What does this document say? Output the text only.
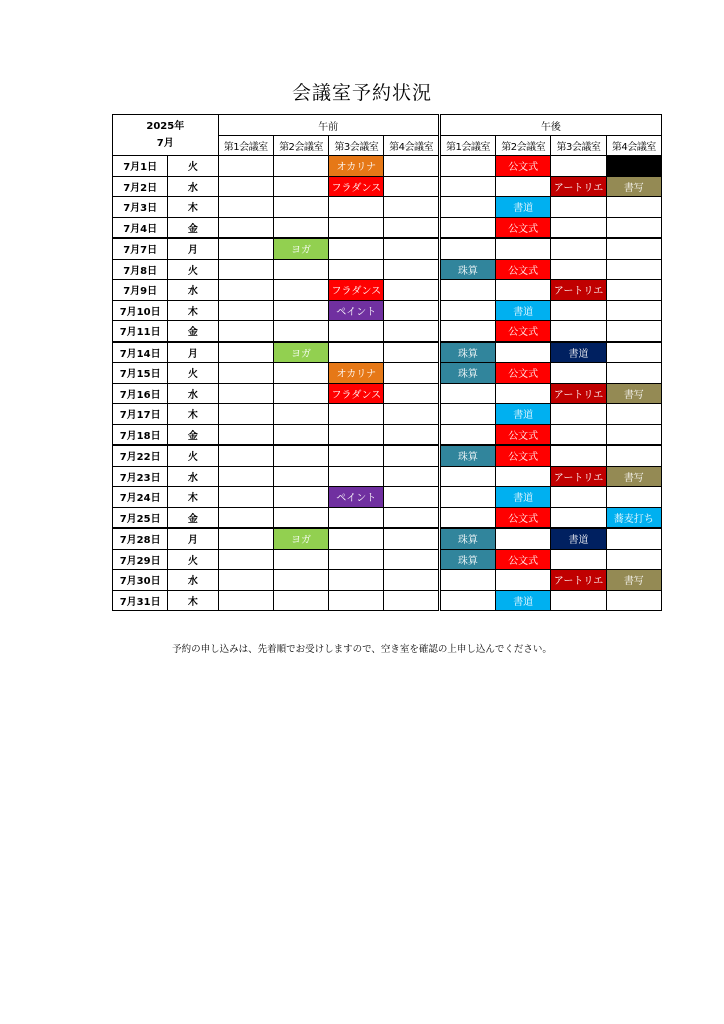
会議室予約状況
2025年
7月		午前				午後			
		第1会議室	第2会議室	第3会議室	第4会議室	第1会議室	第2会議室	第3会議室	第4会議室
7月1日	火			オカリナ			公文式		
7月2日	水			フラダンス				アートリエ	書写
7月3日	木						書道		
7月4日	金						公文式		
7月7日	月		ヨガ						
7月8日	火					珠算	公文式		
7月9日	水			フラダンス				アートリエ	
7月10日	木			ペイント			書道		
7月11日	金						公文式		
7月14日	月		ヨガ			珠算		書道	
7月15日	火			オカリナ		珠算	公文式		
7月16日	水			フラダンス				アートリエ	書写
7月17日	木						書道		
7月18日	金						公文式		
7月22日	火					珠算	公文式		
7月23日	水							アートリエ	書写
7月24日	木			ペイント			書道		
7月25日	金						公文式		蕎麦打ち
7月28日	月		ヨガ			珠算		書道	
7月29日	火					珠算	公文式		
7月30日	水							アートリエ	書写
7月31日	木						書道		
予約の申し込みは、先着順でお受けしますので、空き室を確認の上申し込んでください。
